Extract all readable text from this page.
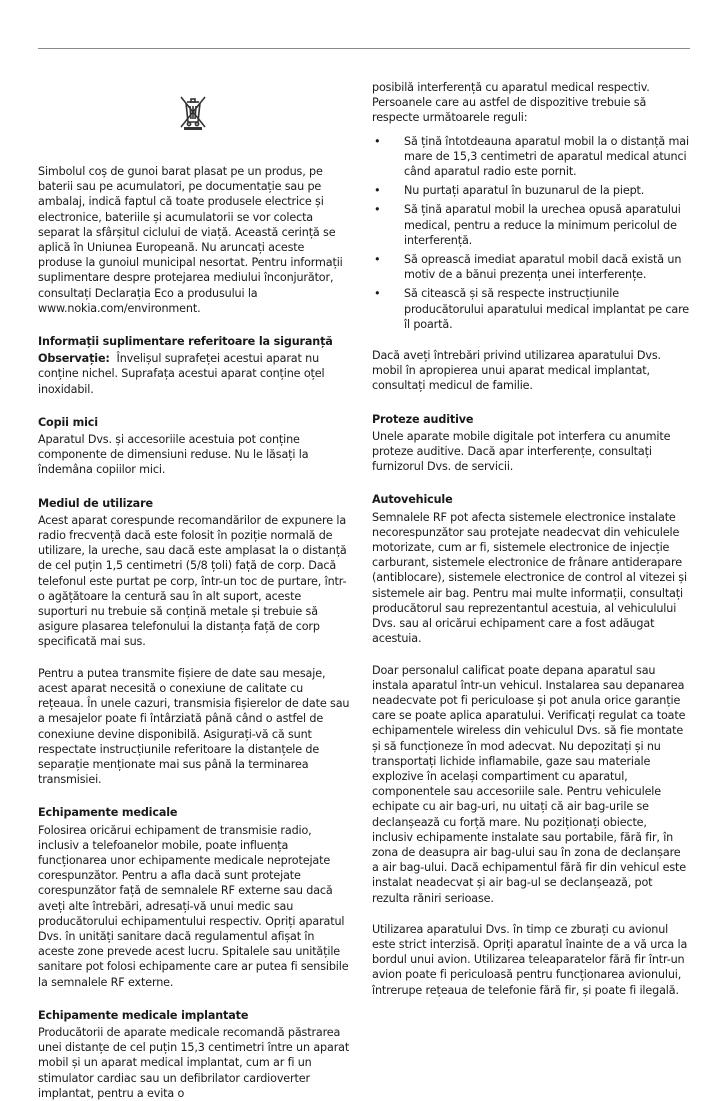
Simbolul coș de gunoi barat plasat pe un produs, pe baterii sau pe acumulatori, pe documentație sau pe ambalaj, indică faptul că toate produsele electrice și electronice, bateriile și acumulatorii se vor colecta separat la sfârșitul ciclului de viață. Această cerință se aplică în Uniunea Europeană. Nu aruncați aceste produse la gunoiul municipal nesortat. Pentru informații suplimentare despre protejarea mediului înconjurător, consultați Declarația Eco a produsului la www.nokia.com/environment.

Informații suplimentare referitoare la siguranță

Observație: Învelișul suprafeței acestui aparat nu conține nichel. Suprafața acestui aparat conține oțel inoxidabil.

Copii mici

Aparatul Dvs. și accesoriile acestuia pot conține componente de dimensiuni reduse. Nu le lăsați la îndemâna copiilor mici.

Mediul de utilizare

Acest aparat corespunde recomandărilor de expunere la radio frecvență dacă este folosit în poziție normală de utilizare, la ureche, sau dacă este amplasat la o distanță de cel puțin 1,5 centimetri (5/8 țoli) față de corp. Dacă telefonul este purtat pe corp, într-un toc de purtare, într-o agățătoare la centură sau în alt suport, aceste suporturi nu trebuie să conțină metale și trebuie să asigure plasarea telefonului la distanța față de corp specificată mai sus.

Pentru a putea transmite fișiere de date sau mesaje, acest aparat necesită o conexiune de calitate cu rețeaua. În unele cazuri, transmisia fișierelor de date sau a mesajelor poate fi întârziată până când o astfel de conexiune devine disponibilă. Asigurați-vă că sunt respectate instrucțiunile referitoare la distanțele de separație menționate mai sus până la terminarea transmisiei.

Echipamente medicale

Folosirea oricărui echipament de transmisie radio, inclusiv a telefoanelor mobile, poate influența funcționarea unor echipamente medicale neprotejate corespunzător. Pentru a afla dacă sunt protejate corespunzător față de semnalele RF externe sau dacă aveți alte întrebări, adresați-vă unui medic sau producătorului echipamentului respectiv. Opriți aparatul Dvs. în unități sanitare dacă regulamentul afișat în aceste zone prevede acest lucru. Spitalele sau unitățile sanitare pot folosi echipamente care ar putea fi sensibile la semnalele RF externe.

Echipamente medicale implantate

Producătorii de aparate medicale recomandă păstrarea unei distanțe de cel puțin 15,3 centimetri între un aparat mobil și un aparat medical implantat, cum ar fi un stimulator cardiac sau un defibrilator cardioverter implantat, pentru a evita o

posibilă interferență cu aparatul medical respectiv. Persoanele care au astfel de dispozitive trebuie să respecte următoarele reguli:

• Să țină întotdeauna aparatul mobil la o distanță mai mare de 15,3 centimetri de aparatul medical atunci când aparatul radio este pornit.
• Nu purtați aparatul în buzunarul de la piept.
• Să țină aparatul mobil la urechea opusă aparatului medical, pentru a reduce la minimum pericolul de interferență.
• Să oprească imediat aparatul mobil dacă există un motiv de a bănui prezența unei interferențe.
• Să citească și să respecte instrucțiunile producătorului aparatului medical implantat pe care îl poartă.

Dacă aveți întrebări privind utilizarea aparatului Dvs. mobil în apropierea unui aparat medical implantat, consultați medicul de familie.

Proteze auditive

Unele aparate mobile digitale pot interfera cu anumite proteze auditive. Dacă apar interferențe, consultați furnizorul Dvs. de servicii.

Autovehicule

Semnalele RF pot afecta sistemele electronice instalate necorespunzător sau protejate neadecvat din vehiculele motorizate, cum ar fi, sistemele electronice de injecție carburant, sistemele electronice de frânare antiderapare (antiblocare), sistemele electronice de control al vitezei și sistemele air bag. Pentru mai multe informații, consultați producătorul sau reprezentantul acestuia, al vehiculului Dvs. sau al oricărui echipament care a fost adăugat acestuia.

Doar personalul calificat poate depana aparatul sau instala aparatul într-un vehicul. Instalarea sau depanarea neadecvate pot fi periculoase și pot anula orice garanție care se poate aplica aparatului. Verificați regulat ca toate echipamentele wireless din vehiculul Dvs. să fie montate și să funcționeze în mod adecvat. Nu depozitați și nu transportați lichide inflamabile, gaze sau materiale explozive în același compartiment cu aparatul, componentele sau accesoriile sale. Pentru vehiculele echipate cu air bag-uri, nu uitați că air bag-urile se declanșează cu forță mare. Nu poziționați obiecte, inclusiv echipamente instalate sau portabile, fără fir, în zona de deasupra air bag-ului sau în zona de declanșare a air bag-ului. Dacă echipamentul fără fir din vehicul este instalat neadecvat și air bag-ul se declanșează, pot rezulta răniri serioase.

Utilizarea aparatului Dvs. în timp ce zburați cu avionul este strict interzisă. Opriți aparatul înainte de a vă urca la bordul unui avion. Utilizarea teleaparatelor fără fir într-un avion poate fi periculoasă pentru funcționarea avionului, întrerupe rețeaua de telefonie fără fir, și poate fi ilegală.
